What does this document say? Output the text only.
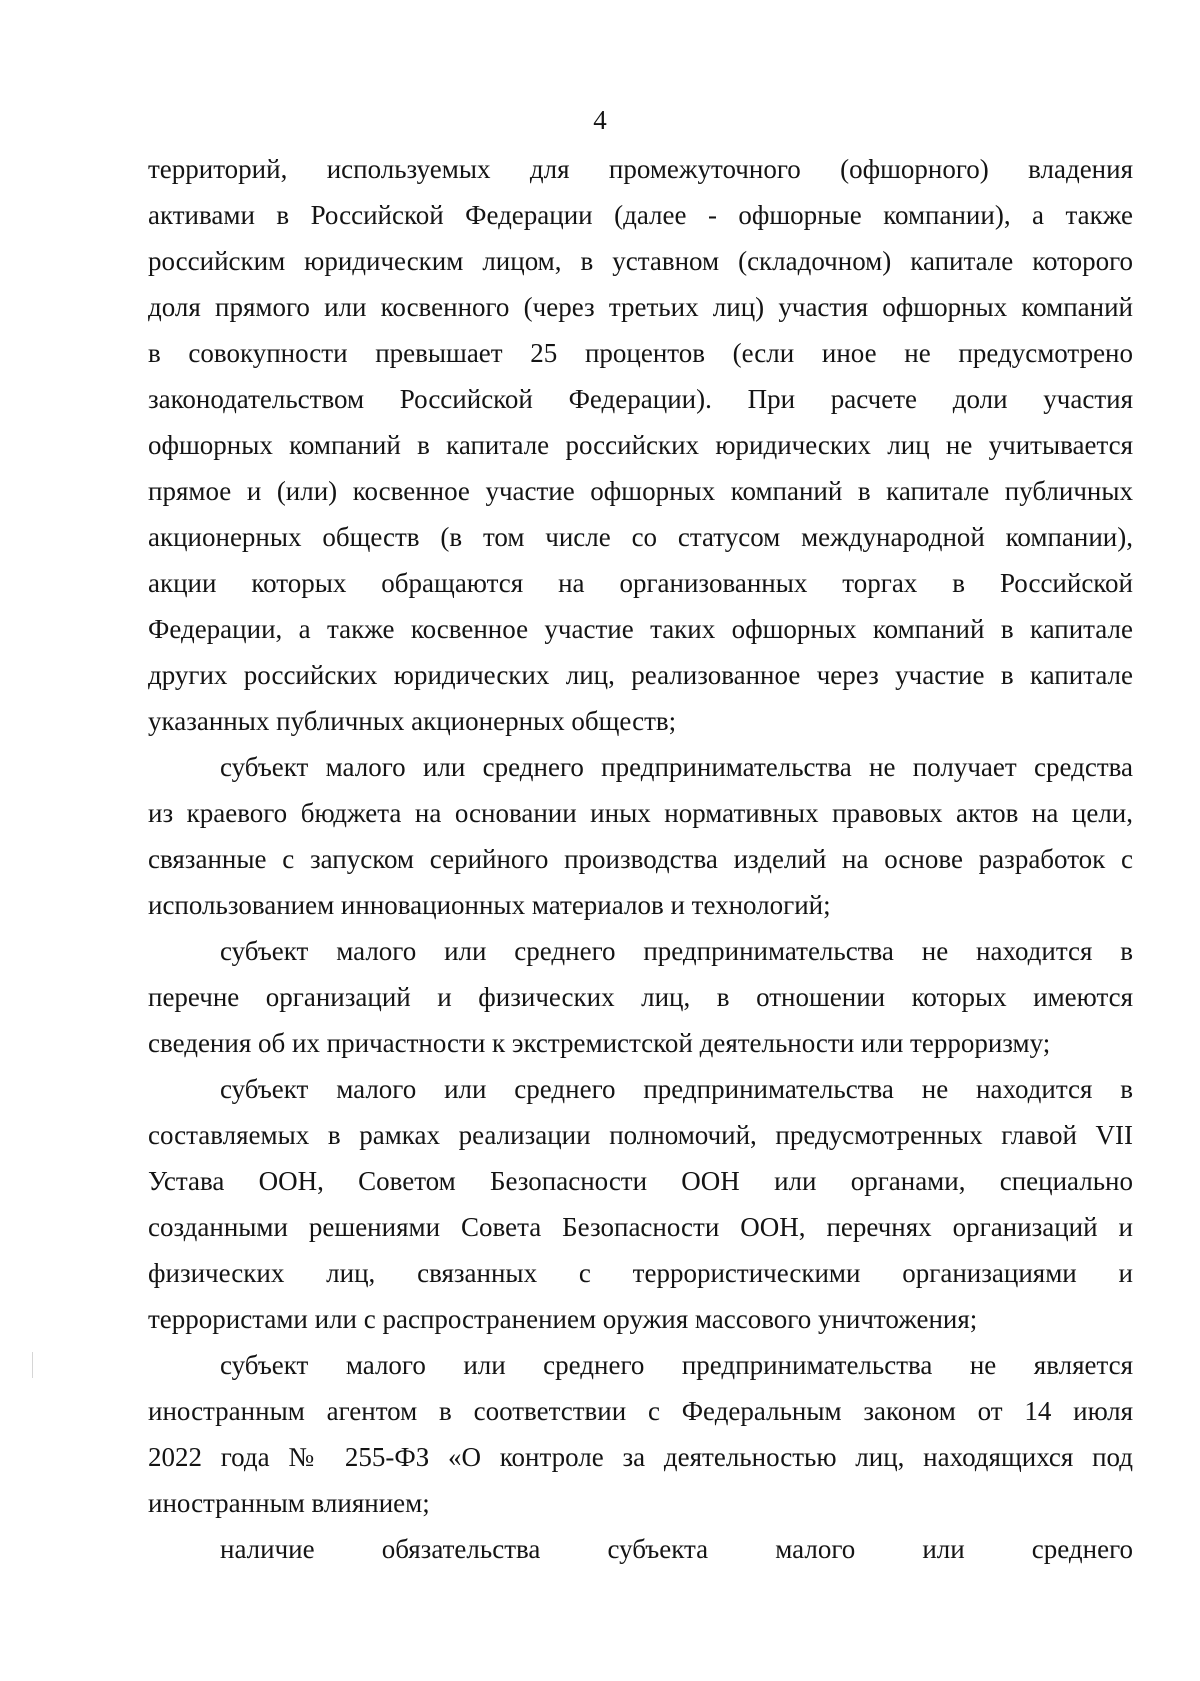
4
территорий, используемых для промежуточного (офшорного) владения
активами в Российской Федерации (далее - офшорные компании), а также
российским юридическим лицом, в уставном (складочном) капитале которого
доля прямого или косвенного (через третьих лиц) участия офшорных компаний
в совокупности превышает 25 процентов (если иное не предусмотрено
законодательством Российской Федерации). При расчете доли участия
офшорных компаний в капитале российских юридических лиц не учитывается
прямое и (или) косвенное участие офшорных компаний в капитале публичных
акционерных обществ (в том числе со статусом международной компании),
акции которых обращаются на организованных торгах в Российской
Федерации, а также косвенное участие таких офшорных компаний в капитале
других российских юридических лиц, реализованное через участие в капитале
указанных публичных акционерных обществ;
субъект малого или среднего предпринимательства не получает средства
из краевого бюджета на основании иных нормативных правовых актов на цели,
связанные с запуском серийного производства изделий на основе разработок с
использованием инновационных материалов и технологий;
субъект малого или среднего предпринимательства не находится в
перечне организаций и физических лиц, в отношении которых имеются
сведения об их причастности к экстремистской деятельности или терроризму;
субъект малого или среднего предпринимательства не находится в
составляемых в рамках реализации полномочий, предусмотренных главой VII
Устава ООН, Советом Безопасности ООН или органами, специально
созданными решениями Совета Безопасности ООН, перечнях организаций и
физических лиц, связанных с террористическими организациями и
террористами или с распространением оружия массового уничтожения;
субъект малого или среднего предпринимательства не является
иностранным агентом в соответствии с Федеральным законом от 14 июля
2022 года № 255-ФЗ «О контроле за деятельностью лиц, находящихся под
иностранным влиянием;
наличие обязательства субъекта малого или среднего
